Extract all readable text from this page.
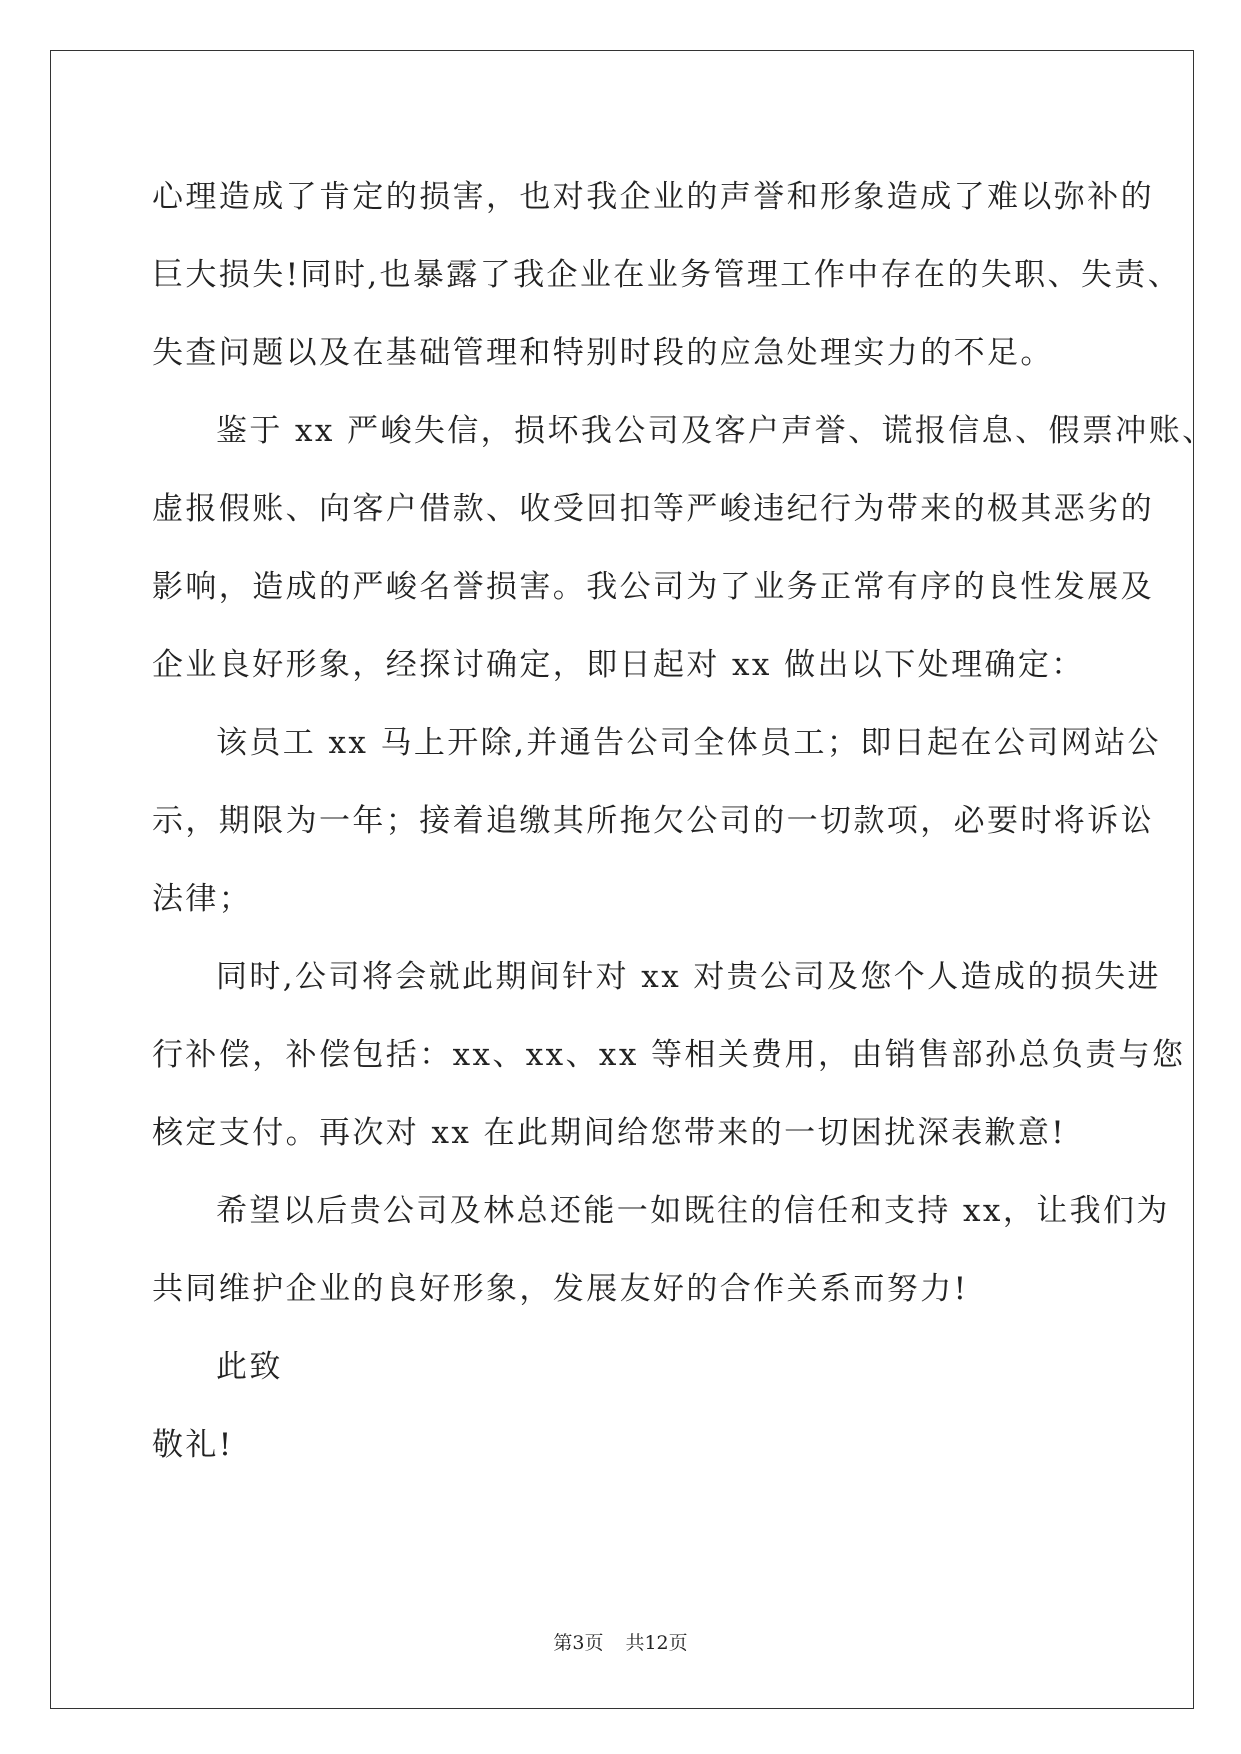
心理造成了肯定的损害，也对我企业的声誉和形象造成了难以弥补的
巨大损失!同时,也暴露了我企业在业务管理工作中存在的失职、失责、
失查问题以及在基础管理和特别时段的应急处理实力的不足。
鉴于 xx 严峻失信，损坏我公司及客户声誉、谎报信息、假票冲账、
虚报假账、向客户借款、收受回扣等严峻违纪行为带来的极其恶劣的
影响，造成的严峻名誉损害。我公司为了业务正常有序的良性发展及
企业良好形象，经探讨确定，即日起对 xx 做出以下处理确定：
该员工 xx 马上开除,并通告公司全体员工；即日起在公司网站公
示，期限为一年；接着追缴其所拖欠公司的一切款项，必要时将诉讼
法律；
同时,公司将会就此期间针对 xx 对贵公司及您个人造成的损失进
行补偿，补偿包括：xx、xx、xx 等相关费用，由销售部孙总负责与您
核定支付。再次对 xx 在此期间给您带来的一切困扰深表歉意!
希望以后贵公司及林总还能一如既往的信任和支持 xx，让我们为
共同维护企业的良好形象，发展友好的合作关系而努力!
此致
敬礼!
第3页 共12页
